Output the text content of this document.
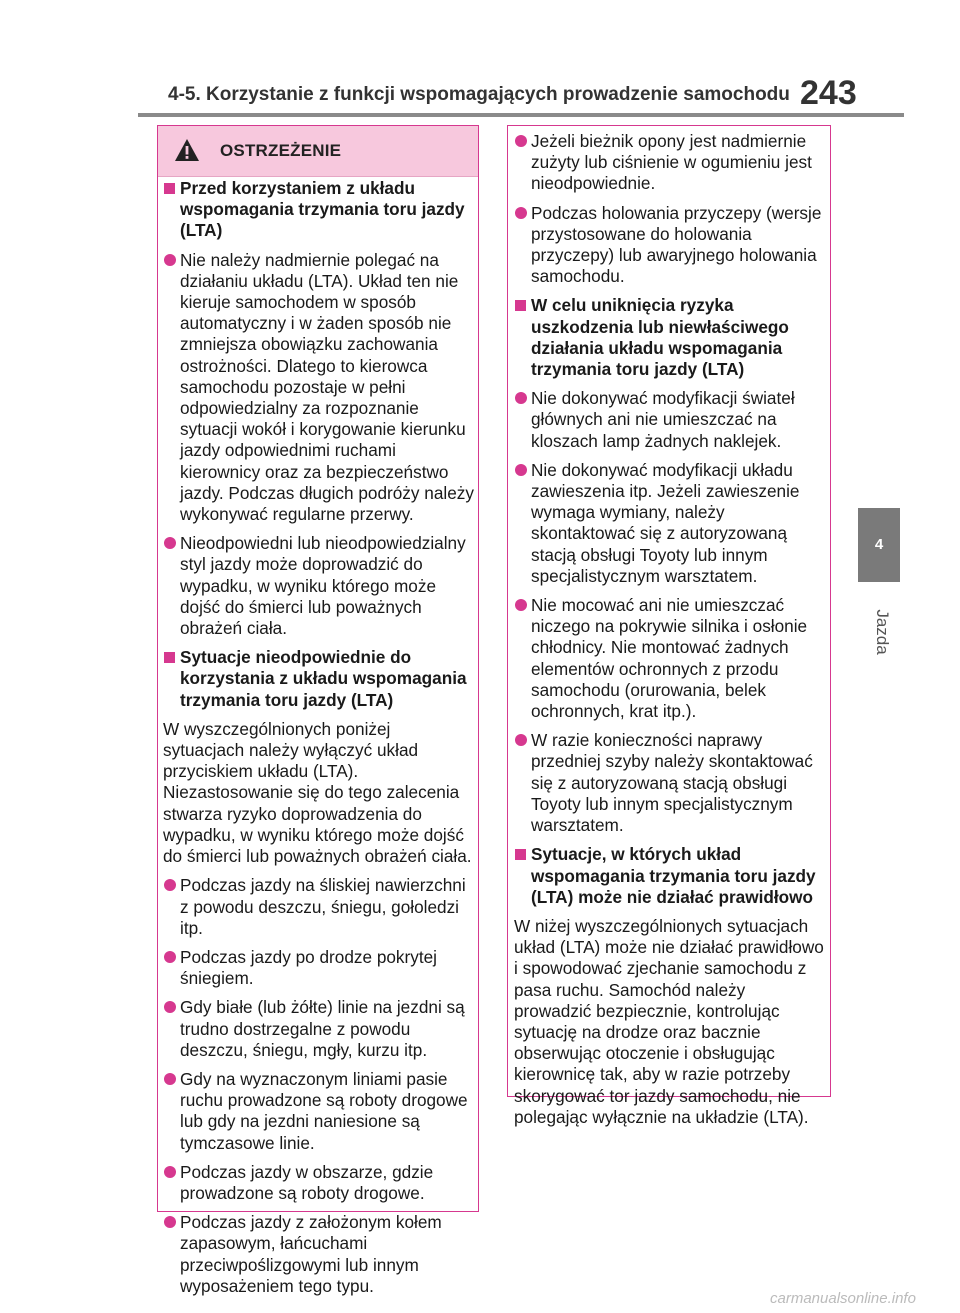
4-5. Korzystanie z funkcji wspomagających prowadzenie samochodu 243
4
Jazda
OSTRZEŻENIE
Przed korzystaniem z układu wspomagania trzymania toru jazdy (LTA)
Nie należy nadmiernie polegać na działaniu układu (LTA). Układ ten nie kieruje samochodem w sposób automatyczny i w żaden sposób nie zmniejsza obowiązku zachowania ostrożności. Dlatego to kierowca samochodu pozostaje w pełni odpowiedzialny za rozpoznanie sytuacji wokół i korygowanie kierunku jazdy odpowiednimi ruchami kierownicy oraz za bezpieczeństwo jazdy. Podczas długich podróży należy wykonywać regularne przerwy.
Nieodpowiedni lub nieodpowiedzialny styl jazdy może doprowadzić do wypadku, w wyniku którego może dojść do śmierci lub poważnych obrażeń ciała.
Sytuacje nieodpowiednie do korzystania z układu wspomagania trzymania toru jazdy (LTA)
W wyszczególnionych poniżej sytuacjach należy wyłączyć układ przyciskiem układu (LTA). Niezastosowanie się do tego zalecenia stwarza ryzyko doprowadzenia do wypadku, w wyniku którego może dojść do śmierci lub poważnych obrażeń ciała.
Podczas jazdy na śliskiej nawierzchni z powodu deszczu, śniegu, gołoledzi itp.
Podczas jazdy po drodze pokrytej śniegiem.
Gdy białe (lub żółte) linie na jezdni są trudno dostrzegalne z powodu deszczu, śniegu, mgły, kurzu itp.
Gdy na wyznaczonym liniami pasie ruchu prowadzone są roboty drogowe lub gdy na jezdni naniesione są tymczasowe linie.
Podczas jazdy w obszarze, gdzie prowadzone są roboty drogowe.
Podczas jazdy z założonym kołem zapasowym, łańcuchami przeciwpoślizgowymi lub innym wyposażeniem tego typu.
Jeżeli bieżnik opony jest nadmiernie zużyty lub ciśnienie w ogumieniu jest nieodpowiednie.
Podczas holowania przyczepy (wersje przystosowane do holowania przyczepy) lub awaryjnego holowania samochodu.
W celu uniknięcia ryzyka uszkodzenia lub niewłaściwego działania układu wspomagania trzymania toru jazdy (LTA)
Nie dokonywać modyfikacji świateł głównych ani nie umieszczać na kloszach lamp żadnych naklejek.
Nie dokonywać modyfikacji układu zawieszenia itp. Jeżeli zawieszenie wymaga wymiany, należy skontaktować się z autoryzowaną stacją obsługi Toyoty lub innym specjalistycznym warsztatem.
Nie mocować ani nie umieszczać niczego na pokrywie silnika i osłonie chłodnicy. Nie montować żadnych elementów ochronnych z przodu samochodu (orurowania, belek ochronnych, krat itp.).
W razie konieczności naprawy przedniej szyby należy skontaktować się z autoryzowaną stacją obsługi Toyoty lub innym specjalistycznym warsztatem.
Sytuacje, w których układ wspomagania trzymania toru jazdy (LTA) może nie działać prawidłowo
W niżej wyszczególnionych sytuacjach układ (LTA) może nie działać prawidłowo i spowodować zjechanie samochodu z pasa ruchu. Samochód należy prowadzić bezpiecznie, kontrolując sytuację na drodze oraz bacznie obserwując otoczenie i obsługując kierownicę tak, aby w razie potrzeby skorygować tor jazdy samochodu, nie polegając wyłącznie na układzie (LTA).
carmanualsonline.info
